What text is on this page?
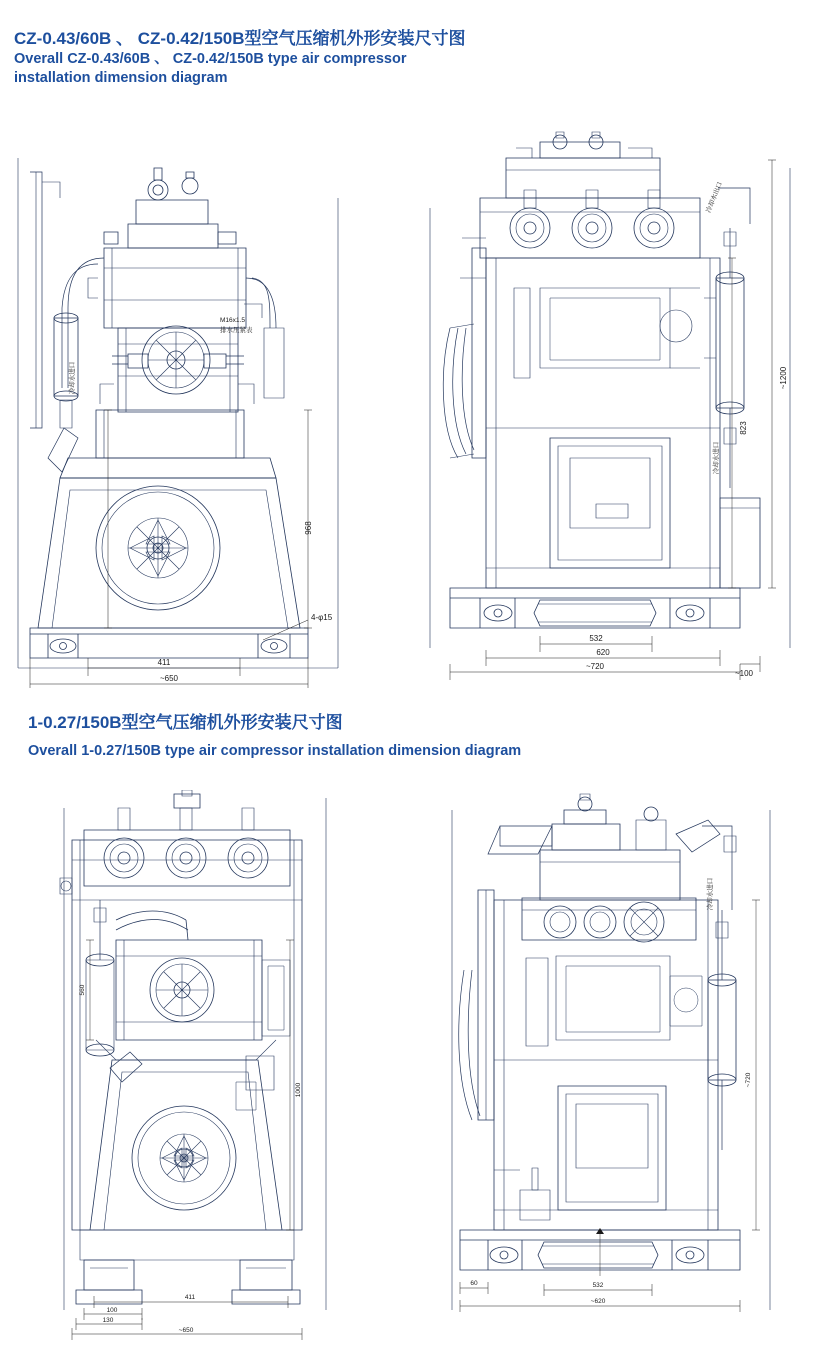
CZ-0.43/60B 、 CZ-0.42/150B型空气压缩机外形安装尺寸图
Overall CZ-0.43/60B 、 CZ-0.42/150B type air compressor
installation dimension diagram
968
411
~650
4-φ15
M16x1.5
排水压紧表
冷却水进口	~1200
823
532
620
~720
~100
冷却水出口
冷却水进口
1-0.27/150B型空气压缩机外形安装尺寸图
Overall 1-0.27/150B type air compressor installation dimension diagram
1000
560
100
130
411
~650
~720
532
~620
60
冷却水进口
